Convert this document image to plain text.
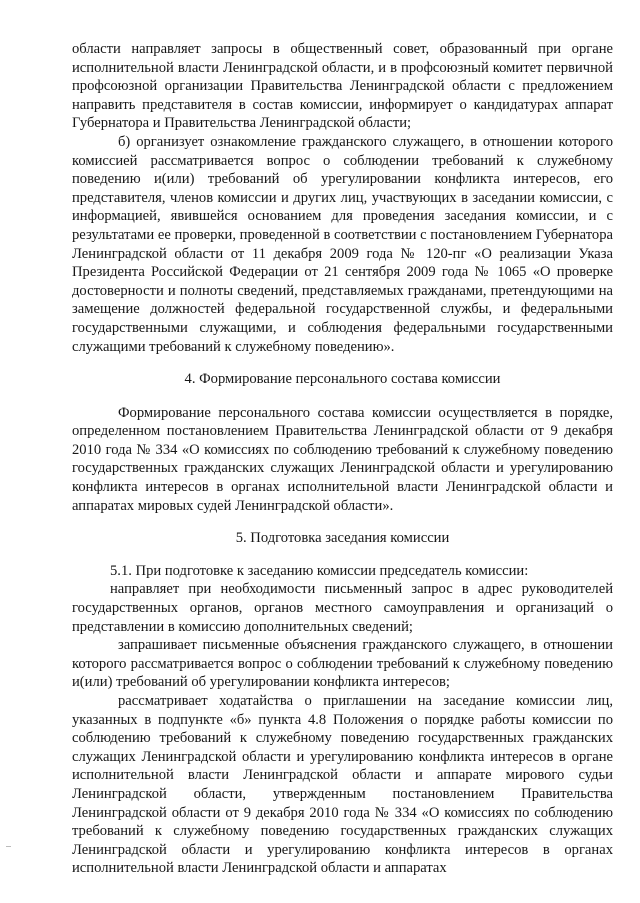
области направляет запросы в общественный совет, образованный при органе исполнительной власти Ленинградской области, и в профсоюзный комитет первичной профсоюзной организации Правительства Ленинградской области с предложением направить представителя в состав комиссии, информирует о кандидатурах аппарат Губернатора и Правительства Ленинградской области;

б) организует ознакомление гражданского служащего, в отношении которого комиссией рассматривается вопрос о соблюдении требований к служебному поведению и(или) требований об урегулировании конфликта интересов, его представителя, членов комиссии и других лиц, участвующих в заседании комиссии, с информацией, явившейся основанием для проведения заседания комиссии, и с результатами ее проверки, проведенной в соответствии с постановлением Губернатора Ленинградской области от 11 декабря 2009 года № 120-пг «О реализации Указа Президента Российской Федерации от 21 сентября 2009 года № 1065 «О проверке достоверности и полноты сведений, представляемых гражданами, претендующими на замещение должностей федеральной государственной службы, и федеральными государственными служащими, и соблюдения федеральными государственными служащими требований к служебному поведению».

4. Формирование персонального состава комиссии

Формирование персонального состава комиссии осуществляется в порядке, определенном постановлением Правительства Ленинградской области от 9 декабря 2010 года № 334 «О комиссиях по соблюдению требований к служебному поведению государственных гражданских служащих Ленинградской области и урегулированию конфликта интересов в органах исполнительной власти Ленинградской области и аппаратах мировых судей Ленинградской области».

5. Подготовка заседания комиссии

5.1. При подготовке к заседанию комиссии председатель комиссии:

направляет при необходимости письменный запрос в адрес руководителей государственных органов, органов местного самоуправления и организаций о представлении в комиссию дополнительных сведений;

запрашивает письменные объяснения гражданского служащего, в отношении которого рассматривается вопрос о соблюдении требований к служебному поведению и(или) требований об урегулировании конфликта интересов;

рассматривает ходатайства о приглашении на заседание комиссии лиц, указанных в подпункте «б» пункта 4.8 Положения о порядке работы комиссии по соблюдению требований к служебному поведению государственных гражданских служащих Ленинградской области и урегулированию конфликта интересов в органе исполнительной власти Ленинградской области и аппарате мирового судьи Ленинградской области, утвержденным постановлением Правительства Ленинградской области от 9 декабря 2010 года № 334 «О комиссиях по соблюдению требований к служебному поведению государственных гражданских служащих Ленинградской области и урегулированию конфликта интересов в органах исполнительной власти Ленинградской области и аппаратах
